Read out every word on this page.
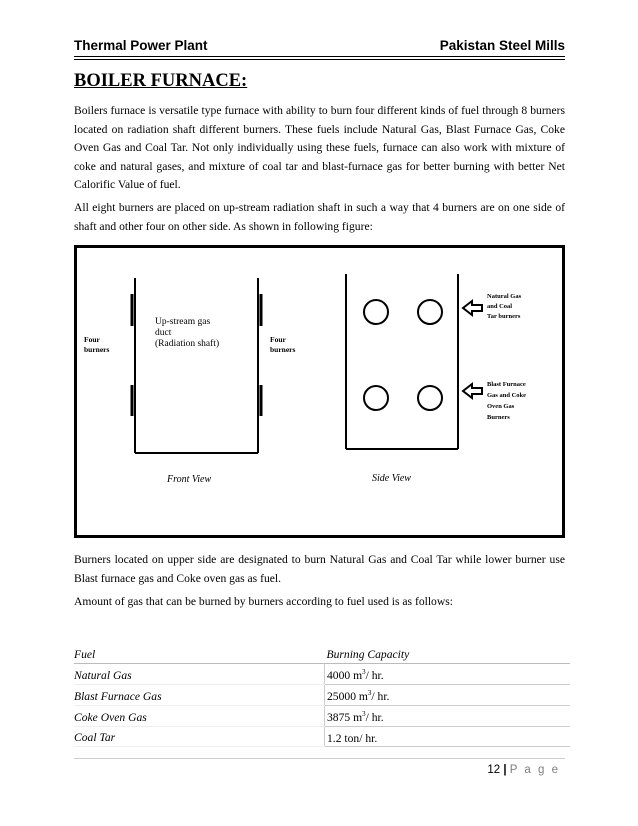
Thermal Power Plant	Pakistan Steel Mills
BOILER FURNACE:

Boilers furnace is versatile type furnace with ability to burn four different kinds of fuel through 8 burners located on radiation shaft different burners. These fuels include Natural Gas, Blast Furnace Gas, Coke Oven Gas and Coal Tar. Not only individually using these fuels, furnace can also work with mixture of coke and natural gases, and mixture of coal tar and blast-furnace gas for better burning with better Net Calorific Value of fuel.

All eight burners are placed on up-stream radiation shaft in such a way that 4 burners are on one side of shaft and other four on other side. As shown in following figure:

Up-stream gas
duct
(Radiation shaft)
Four
burners
Four
burners
Front View
Natural Gas
and Coal
Tar burners
Blast Furnace
Gas and Coke
Oven Gas
Burners
Side View

Burners located on upper side are designated to burn Natural Gas and Coal Tar while lower burner use Blast furnace gas and Coke oven gas as fuel.

Amount of gas that can be burned by burners according to fuel used is as follows:

Fuel	Burning Capacity
Natural Gas	4000 $m^3/$ hr.
Blast Furnace Gas	25000 $m^3/$ hr.
Coke Oven Gas	3875 $m^3/$ hr.
Coal Tar	1.2 ton/ hr.
12 | P a g e
